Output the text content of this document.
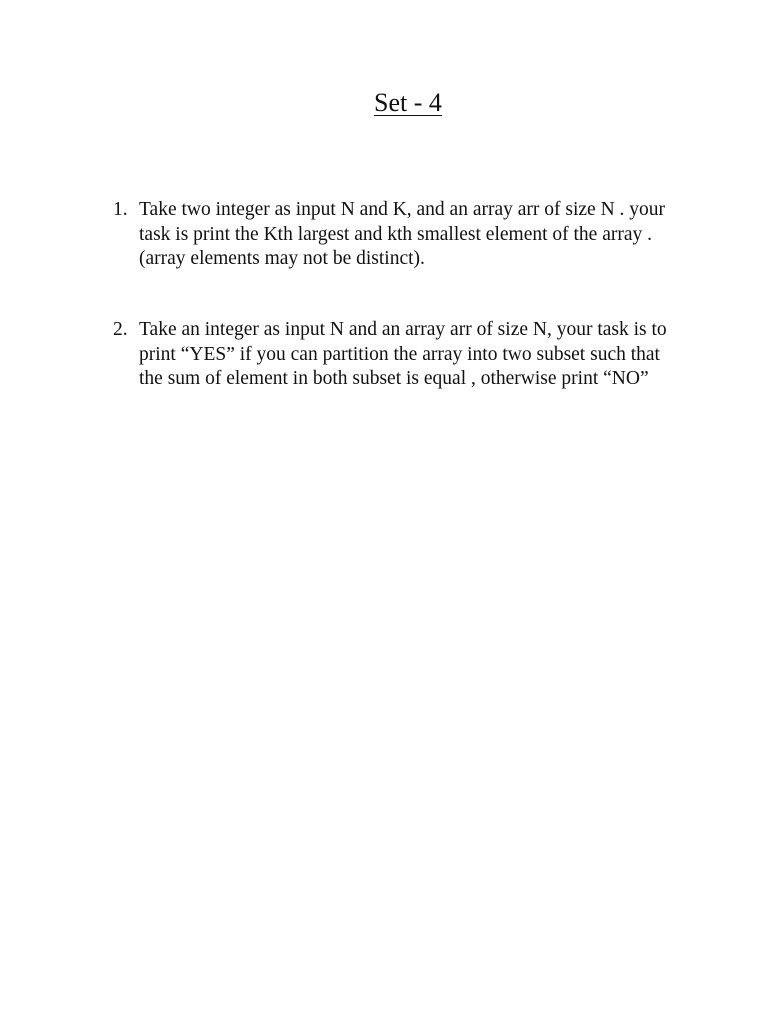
Set - 4
1. Take two integer as input N and K, and an array arr of size N . your task is print the Kth largest and kth smallest element of the array . (array elements may not be distinct).
2. Take an integer as input N and an array arr of size N, your task is to print “YES” if you can partition the array into two subset such that the sum of element in both subset is equal , otherwise print “NO”
